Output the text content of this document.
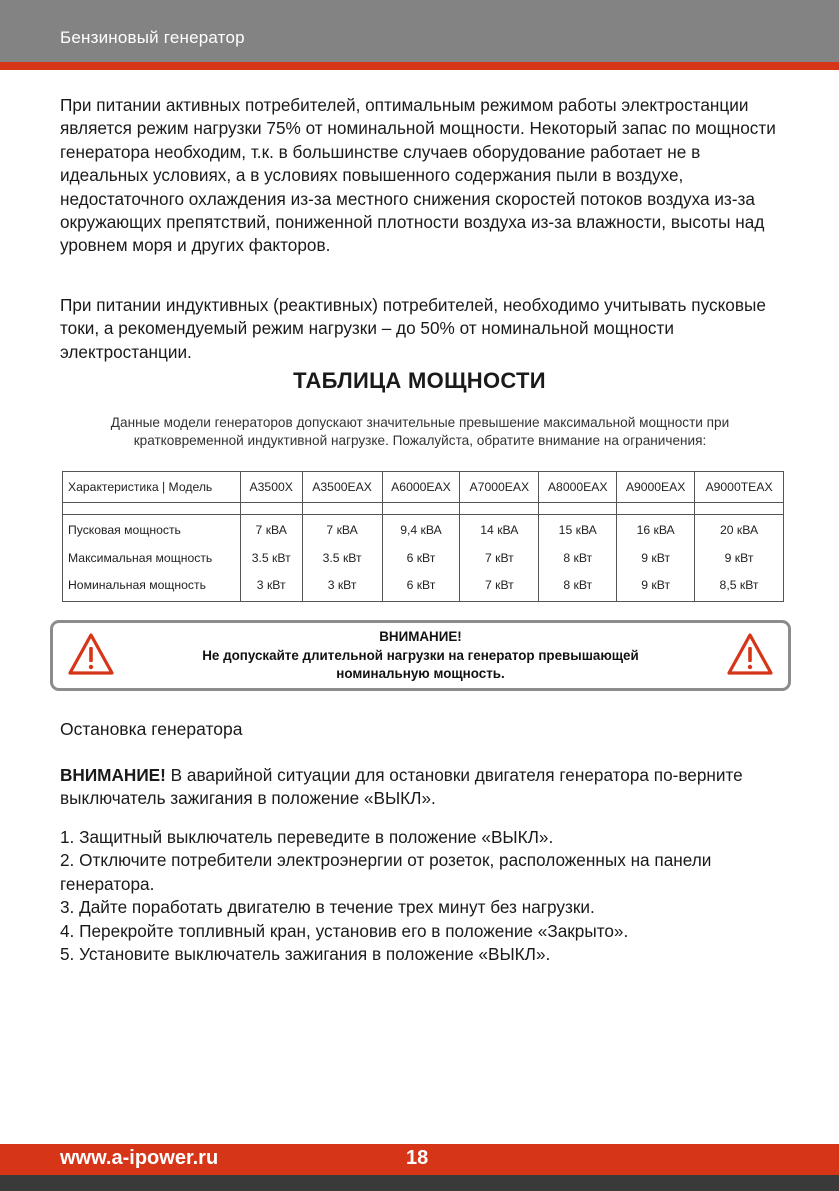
Бензиновый генератор
При питании активных потребителей, оптимальным режимом работы электростанции является режим нагрузки 75% от номинальной мощности. Некоторый запас по мощности генератора необходим, т.к. в большинстве случаев оборудование работает не в идеальных условиях, а в условиях повышенного содержания пыли в воздухе, недостаточного охлаждения из-за местного снижения скоростей потоков воздуха из-за окружающих препятствий, пониженной плотности воздуха из-за влажности, высоты над уровнем моря и других факторов.
При питании индуктивных (реактивных) потребителей, необходимо учитывать пусковые токи, а рекомендуемый режим нагрузки – до 50% от номинальной мощности электростанции.
ТАБЛИЦА МОЩНОСТИ
Данные модели генераторов допускают значительные превышение максимальной мощности при кратковременной индуктивной нагрузке. Пожалуйста, обратите внимание на ограничения:
Характеристика | Модель	A3500X	A3500EAX	A6000EAX	A7000EAX	A8000EAX	A9000EAX	A9000TEAX

Пусковая мощность	7 кВА	7 кВА	9,4 кВА	14 кВА	15 кВА	16 кВА	20 кВА
Максимальная мощность	3.5 кВт	3.5 кВт	6 кВт	7 кВт	8 кВт	9 кВт	9 кВт
Номинальная мощность	3 кВт	3 кВт	6 кВт	7 кВт	8 кВт	9 кВт	8,5 кВт
ВНИМАНИЕ!
Не допускайте длительной нагрузки на генератор превышающей
номинальную мощность.
Остановка генератора
ВНИМАНИЕ! В аварийной ситуации для остановки двигателя генератора по-верните выключатель зажигания в положение «ВЫКЛ».
1. Защитный выключатель переведите в положение «ВЫКЛ».
2. Отключите потребители электроэнергии от розеток, расположенных на панели генератора.
3. Дайте поработать двигателю в течение трех минут без нагрузки.
4. Перекройте топливный кран, установив его в положение «Закрыто».
5. Установите выключатель зажигания в положение «ВЫКЛ».
www.a-ipower.ru	18
